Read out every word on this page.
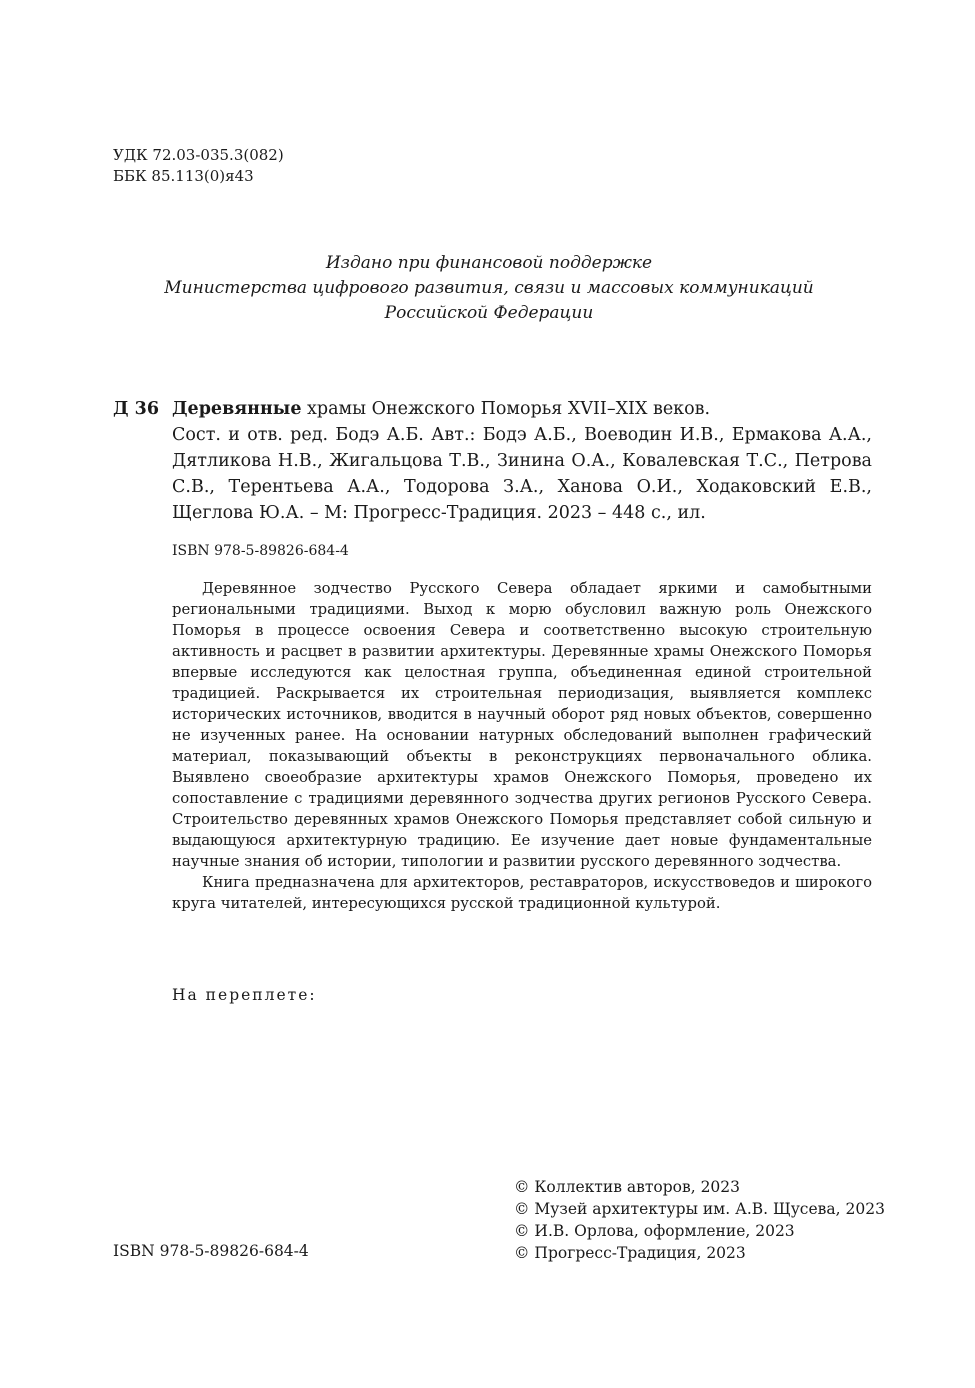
УДК 72.03-035.3(082)
ББК 85.113(0)я43
Издано при финансовой поддержке
Министерства цифрового развития, связи и массовых коммуникаций
Российской Федерации
Д 36 Деревянные храмы Онежского Поморья XVII–XIX веков.
Сост. и отв. ред. Бодэ А.Б. Авт.: Бодэ А.Б., Воеводин И.В., Ермакова А.А., Дятликова Н.В., Жигальцова Т.В., Зинина О.А., Ковалевская Т.С., Петрова С.В., Терентьева А.А., Тодорова З.А., Ханова О.И., Ходаковский Е.В., Щеглова Ю.А. – М: Прогресс-Традиция. 2023 – 448 с., ил.
ISBN 978-5-89826-684-4

Деревянное зодчество Русского Севера обладает яркими и самобытными региональными традициями. Выход к морю обусловил важную роль Онежского Поморья в процессе освоения Севера и соответственно высокую строительную активность и расцвет в развитии архитектуры. Деревянные храмы Онежского Поморья впервые исследуются как целостная группа, объединенная единой строительной традицией. Раскрывается их строительная периодизация, выявляется комплекс исторических источников, вводится в научный оборот ряд новых объектов, совершенно не изученных ранее. На основании натурных обследований выполнен графический материал, показывающий объекты в реконструкциях первоначального облика. Выявлено своеобразие архитектуры храмов Онежского Поморья, проведено их сопоставление с традициями деревянного зодчества других регионов Русского Севера. Строительство деревянных храмов Онежского Поморья представляет собой сильную и выдающуюся архитектурную традицию. Ее изучение дает новые фундаментальные научные знания об истории, типологии и развитии русского деревянного зодчества.

Книга предназначена для архитекторов, реставраторов, искусствоведов и широкого круга читателей, интересующихся русской традиционной культурой.

На переплете:
© Коллектив авторов, 2023
© Музей архитектуры им. А.В. Щусева, 2023
© И.В. Орлова, оформление, 2023
© Прогресс-Традиция, 2023
ISBN 978-5-89826-684-4
